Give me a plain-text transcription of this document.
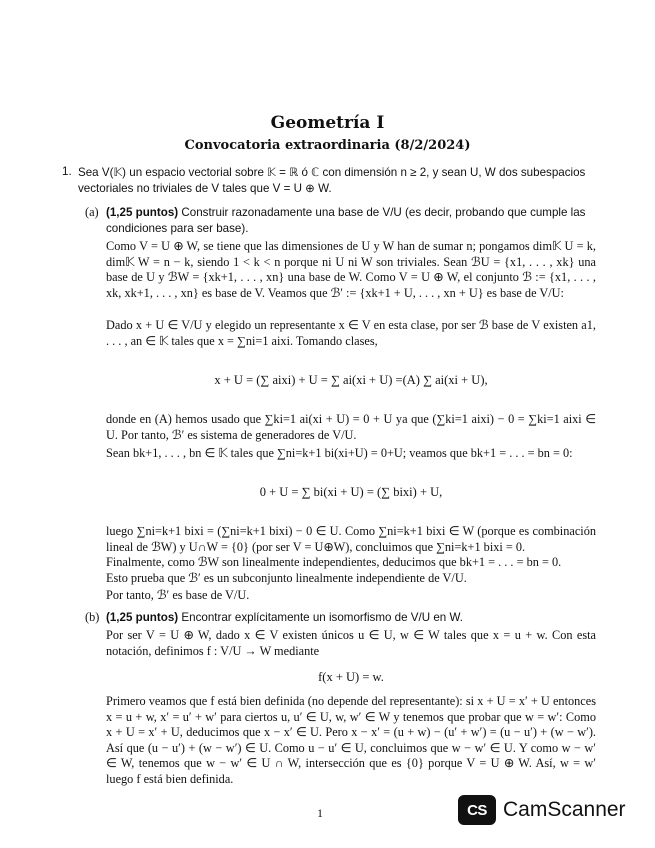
Geometría I
Convocatoria extraordinaria (8/2/2024)
1. Sea V(𝕂) un espacio vectorial sobre 𝕂 = ℝ ó ℂ con dimensión n ≥ 2, y sean U, W dos subespacios vectoriales no triviales de V tales que V = U ⊕ W.

(a) (1,25 puntos) Construir razonadamente una base de V/U (es decir, probando que cumple las condiciones para ser base).

Como V = U ⊕ W, se tiene que las dimensiones de U y W han de sumar n; pongamos dim𝕂 U = k, dim𝕂 W = n − k, siendo 1 < k < n porque ni U ni W son triviales. Sean ℬU = {x1, . . . , xk} una base de U y ℬW = {xk+1, . . . , xn} una base de W. Como V = U ⊕ W, el conjunto ℬ := {x1, . . . , xk, xk+1, . . . , xn} es base de V. Veamos que ℬ′ := {xk+1 + U, . . . , xn + U} es base de V/U:

Dado x + U ∈ V/U y elegido un representante x ∈ V en esta clase, por ser ℬ base de V existen a1, . . . , an ∈ 𝕂 tales que x = ∑ni=1 aixi. Tomando clases,

x + U = (∑ aixi) + U = ∑ ai(xi + U) =(A) ∑ ai(xi + U),

donde en (A) hemos usado que ∑ki=1 ai(xi + U) = 0 + U ya que (∑ki=1 aixi) − 0 = ∑ki=1 aixi ∈ U. Por tanto, ℬ′ es sistema de generadores de V/U.

Sean bk+1, . . . , bn ∈ 𝕂 tales que ∑ni=k+1 bi(xi+U) = 0+U; veamos que bk+1 = . . . = bn = 0:

0 + U = ∑ bi(xi + U) = (∑ bixi) + U,

luego ∑ni=k+1 bixi = (∑ni=k+1 bixi) − 0 ∈ U. Como ∑ni=k+1 bixi ∈ W (porque es combinación lineal de ℬW) y U∩W = {0} (por ser V = U⊕W), concluimos que ∑ni=k+1 bixi = 0.

Finalmente, como ℬW son linealmente independientes, deducimos que bk+1 = . . . = bn = 0.

Esto prueba que ℬ′ es un subconjunto linealmente independiente de V/U.

Por tanto, ℬ′ es base de V/U.

(b) (1,25 puntos) Encontrar explícitamente un isomorfismo de V/U en W.

Por ser V = U ⊕ W, dado x ∈ V existen únicos u ∈ U, w ∈ W tales que x = u + w. Con esta notación, definimos f : V/U → W mediante

f(x + U) = w.

Primero veamos que f está bien definida (no depende del representante): si x + U = x′ + U entonces x = u + w, x′ = u′ + w′ para ciertos u, u′ ∈ U, w, w′ ∈ W y tenemos que probar que w = w′: Como x + U = x′ + U, deducimos que x − x′ ∈ U. Pero x − x′ = (u + w) − (u′ + w′) = (u − u′) + (w − w′). Así que (u − u′) + (w − w′) ∈ U. Como u − u′ ∈ U, concluimos que w − w′ ∈ U. Y como w − w′ ∈ W, tenemos que w − w′ ∈ U ∩ W, intersección que es {0} porque V = U ⊕ W. Así, w = w′ luego f está bien definida.

1	CS CamScanner
